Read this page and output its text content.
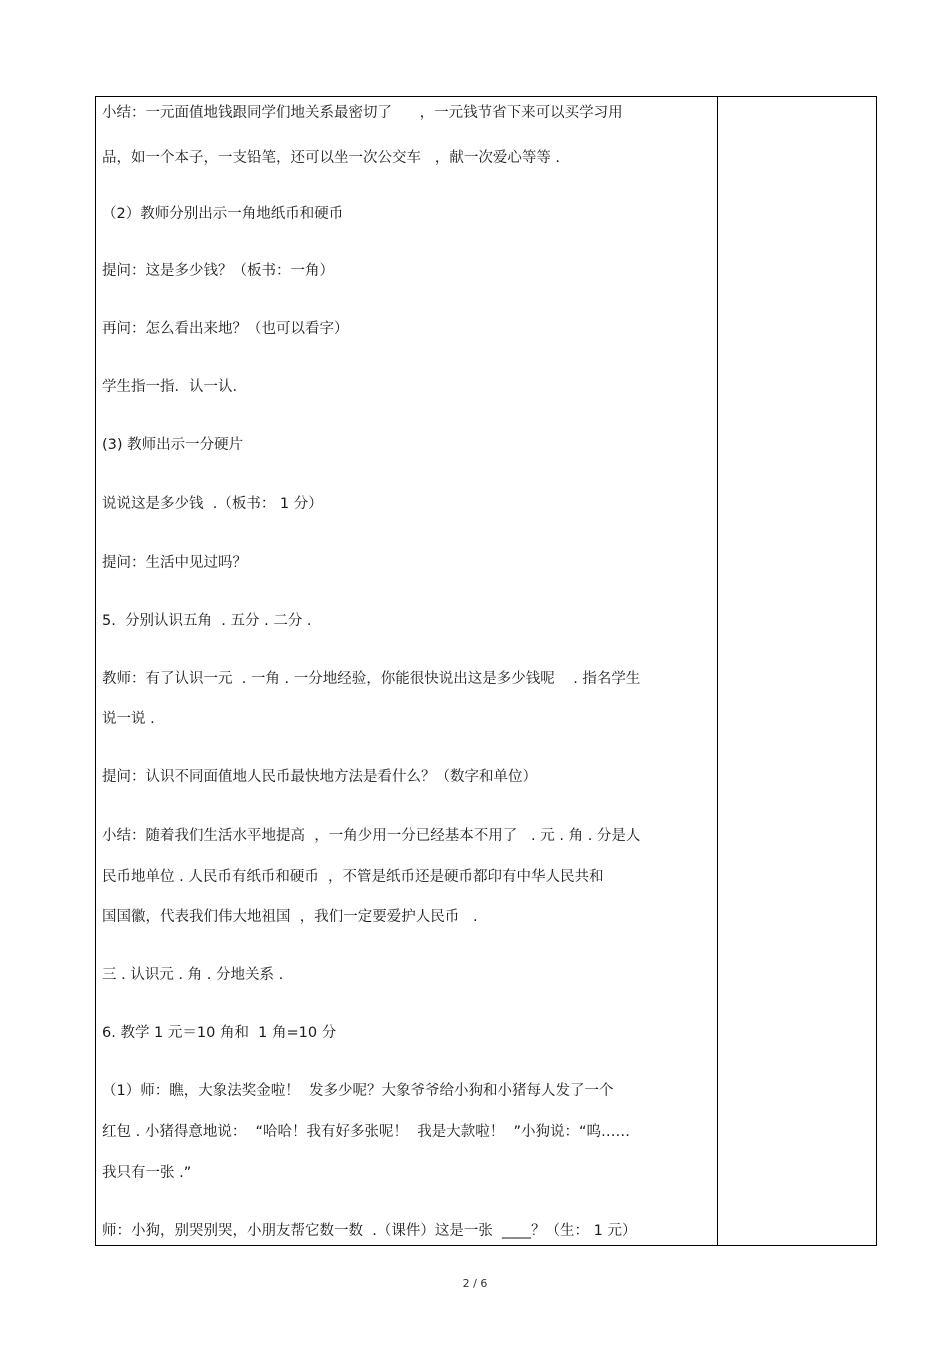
小结：一元面值地钱跟同学们地关系最密切了      ，一元钱节省下来可以买学习用
品，如一个本子，一支铅笔，还可以坐一次公交车   ，献一次爱心等等 .
（2）教师分别出示一角地纸币和硬币
提问：这是多少钱？（板书：一角）
再问：怎么看出来地？（也可以看字）
学生指一指．认一认．
(3) 教师出示一分硬片
说说这是多少钱  .（板书： 1 分）
提问：生活中见过吗？
5.  分别认识五角  . 五分 . 二分 .
教师：有了认识一元  . 一角 . 一分地经验，你能很快说出这是多少钱呢    . 指名学生
说一说 .
提问：认识不同面值地人民币最快地方法是看什么？（数字和单位）
小结：随着我们生活水平地提高  ，一角少用一分已经基本不用了   . 元 . 角 . 分是人
民币地单位 . 人民币有纸币和硬币  ，不管是纸币还是硬币都印有中华人民共和
国国徽，代表我们伟大地祖国  ，我们一定要爱护人民币   .
三 . 认识元 . 角 . 分地关系 .
6. 教学 1 元＝10 角和  1 角=10 分
（1）师：瞧，大象法奖金啦！  发多少呢？大象爷爷给小狗和小猪每人发了一个
红包 . 小猪得意地说：  “哈哈！我有好多张呢！  我是大款啦！  ”小狗说：“呜……
我只有一张 .”
师：小狗，别哭别哭，小朋友帮它数一数  .（课件）这是一张  ____？（生： 1 元）
2 / 6
